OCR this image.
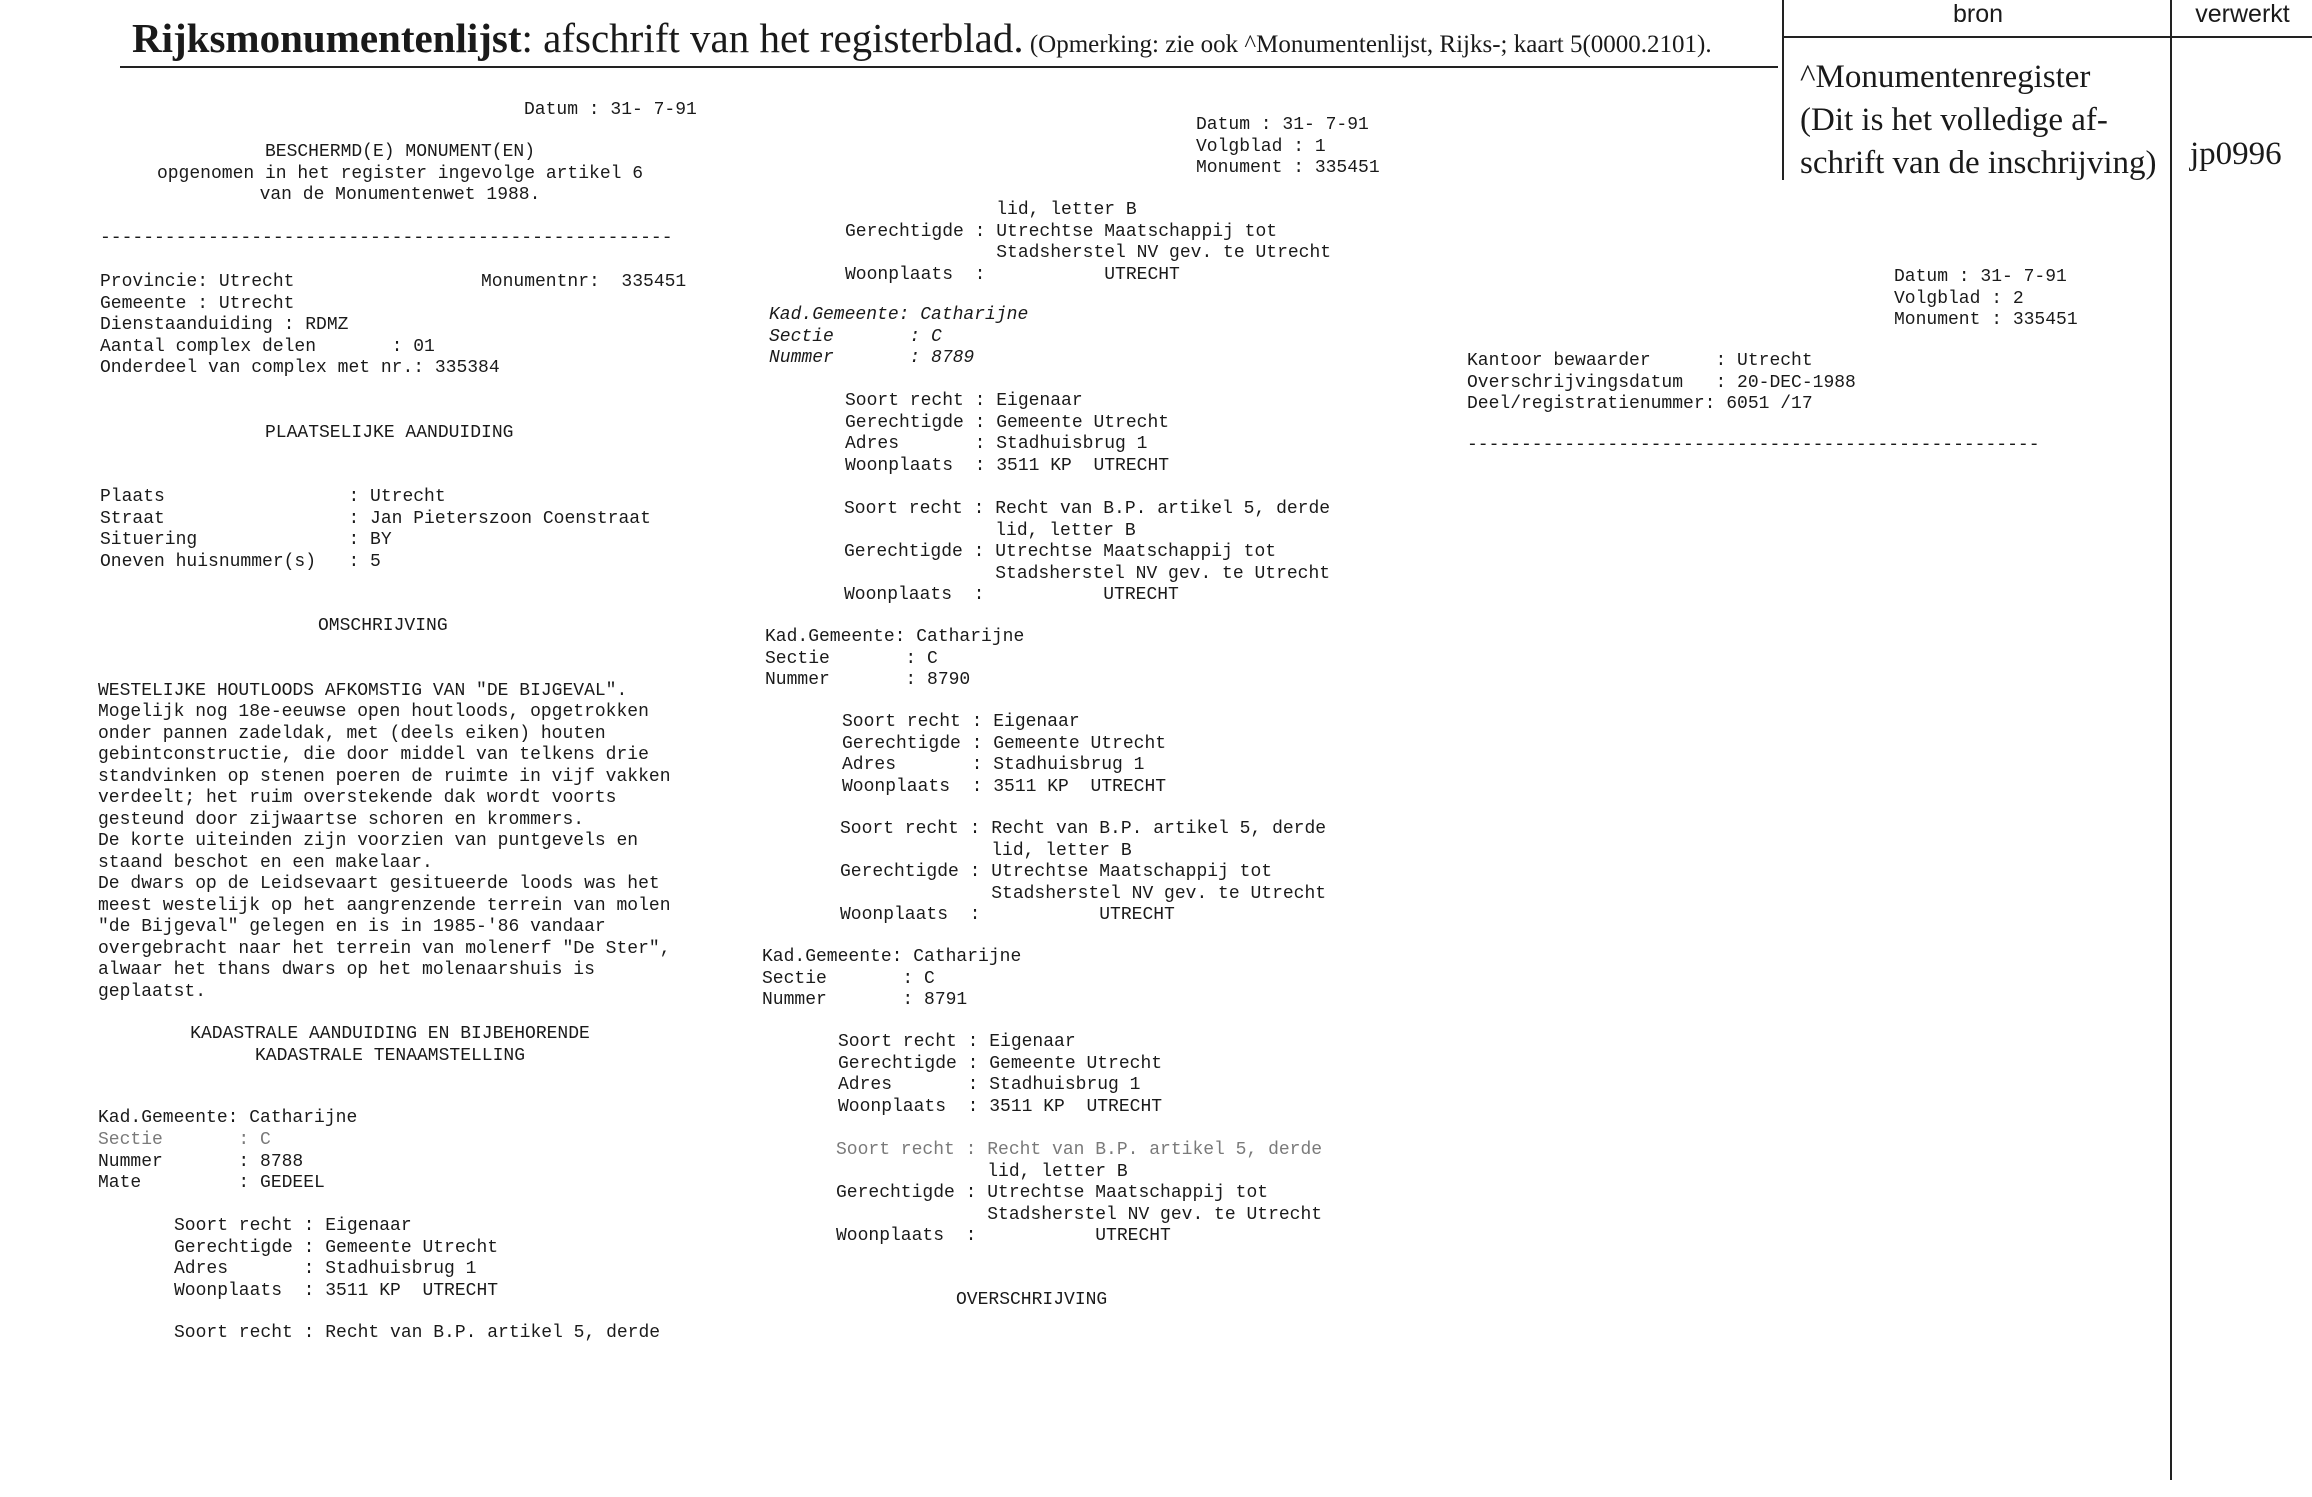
Rijksmonumentenlijst: afschrift van het registerblad. (Opmerking: zie ook ^Monumentenlijst, Rijks-; kaart 5(0000.2101).
bron	verwerkt
^Monumentenregister
(Dit is het volledige af-
schrift van de inschrijving)	jp0996
Datum : 31- 7-91
BESCHERMD(E) MONUMENT(EN)
opgenomen in het register ingevolge artikel 6
van de Monumentenwet 1988.
-----------------------------------------------------
Provincie: Utrecht	Monumentnr:  335451
Gemeente : Utrecht
Dienstaanduiding : RDMZ
Aantal complex delen       : 01
Onderdeel van complex met nr.: 335384
PLAATSELIJKE AANDUIDING
Plaats                 : Utrecht
Straat                 : Jan Pieterszoon Coenstraat
Situering              : BY
Oneven huisnummer(s)   : 5
OMSCHRIJVING

WESTELIJKE HOUTLOODS AFKOMSTIG VAN "DE BIJGEVAL".
Mogelijk nog 18e-eeuwse open houtloods, opgetrokken
onder pannen zadeldak, met (deels eiken) houten
gebintconstructie, die door middel van telkens drie
standvinken op stenen poeren de ruimte in vijf vakken
verdeelt; het ruim overstekende dak wordt voorts
gesteund door zijwaartse schoren en krommers.
De korte uiteinden zijn voorzien van puntgevels en
staand beschot en een makelaar.
De dwars op de Leidsevaart gesitueerde loods was het
meest westelijk op het aangrenzende terrein van molen
"de Bijgeval" gelegen en is in 1985-'86 vandaar
overgebracht naar het terrein van molenerf "De Ster",
alwaar het thans dwars op het molenaarshuis is
geplaatst.

KADASTRALE AANDUIDING EN BIJBEHORENDE
KADASTRALE TENAAMSTELLING
Kad.Gemeente: Catharijne
Sectie       : C
Nummer       : 8788
Mate         : GEDEEL
Soort recht : Eigenaar
Gerechtigde : Gemeente Utrecht
Adres       : Stadhuisbrug 1
Woonplaats  : 3511 KP  UTRECHT
Soort recht : Recht van B.P. artikel 5, derde
Datum : 31- 7-91
Volgblad : 1
Monument : 335451
lid, letter B
Gerechtigde : Utrechtse Maatschappij tot
Stadsherstel NV gev. te Utrecht
Woonplaats  :           UTRECHT
Kad.Gemeente: Catharijne
Sectie       : C
Nummer       : 8789
Soort recht : Eigenaar
Gerechtigde : Gemeente Utrecht
Adres       : Stadhuisbrug 1
Woonplaats  : 3511 KP  UTRECHT
Soort recht : Recht van B.P. artikel 5, derde
lid, letter B
Gerechtigde : Utrechtse Maatschappij tot
Stadsherstel NV gev. te Utrecht
Woonplaats  :           UTRECHT
Kad.Gemeente: Catharijne
Sectie       : C
Nummer       : 8790
Soort recht : Eigenaar
Gerechtigde : Gemeente Utrecht
Adres       : Stadhuisbrug 1
Woonplaats  : 3511 KP  UTRECHT
Soort recht : Recht van B.P. artikel 5, derde
lid, letter B
Gerechtigde : Utrechtse Maatschappij tot
Stadsherstel NV gev. te Utrecht
Woonplaats  :           UTRECHT
Kad.Gemeente: Catharijne
Sectie       : C
Nummer       : 8791
Soort recht : Eigenaar
Gerechtigde : Gemeente Utrecht
Adres       : Stadhuisbrug 1
Woonplaats  : 3511 KP  UTRECHT
Soort recht : Recht van B.P. artikel 5, derde
lid, letter B
Gerechtigde : Utrechtse Maatschappij tot
Stadsherstel NV gev. te Utrecht
Woonplaats  :           UTRECHT
OVERSCHRIJVING
Datum : 31- 7-91
Volgblad : 2
Monument : 335451
Kantoor bewaarder      : Utrecht
Overschrijvingsdatum   : 20-DEC-1988
Deel/registratienummer: 6051 /17
-----------------------------------------------------
